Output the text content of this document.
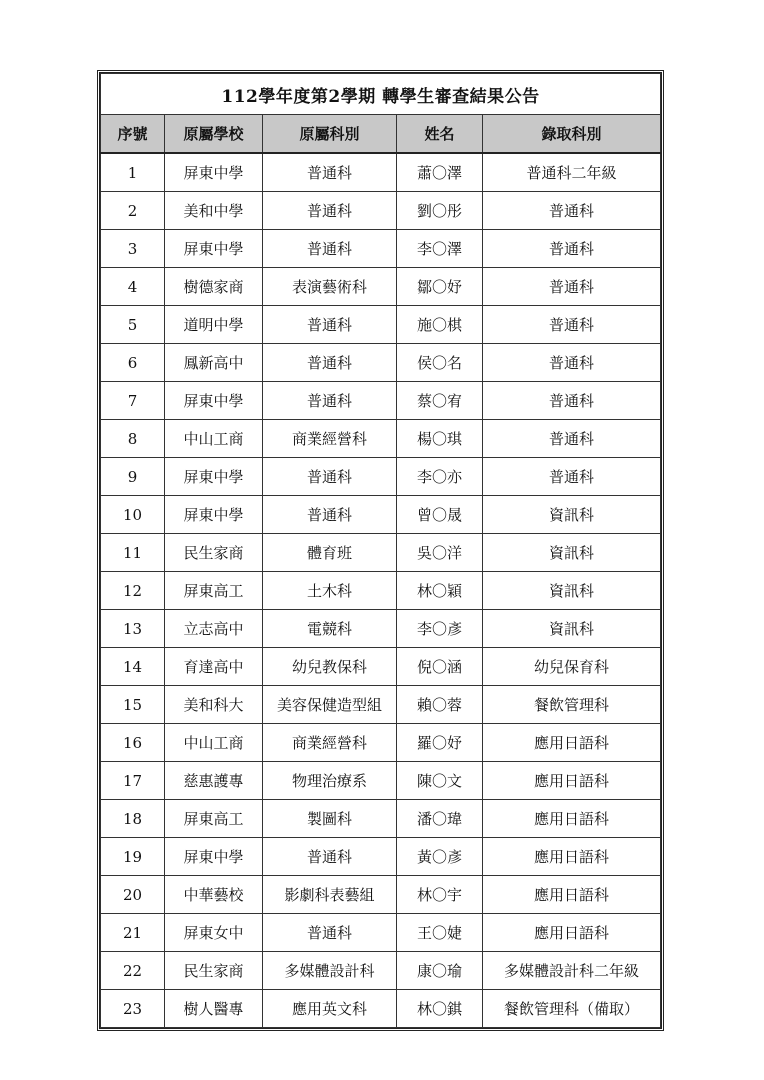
112學年度第2學期 轉學生審查結果公告				
序號	原屬學校	原屬科別	姓名	錄取科別
1	屏東中學	普通科	蕭〇澤	普通科二年級
2	美和中學	普通科	劉〇彤	普通科
3	屏東中學	普通科	李〇澤	普通科
4	樹德家商	表演藝術科	鄒〇妤	普通科
5	道明中學	普通科	施〇棋	普通科
6	鳳新高中	普通科	侯〇名	普通科
7	屏東中學	普通科	蔡〇宥	普通科
8	中山工商	商業經營科	楊〇琪	普通科
9	屏東中學	普通科	李〇亦	普通科
10	屏東中學	普通科	曾〇晟	資訊科
11	民生家商	體育班	吳〇洋	資訊科
12	屏東高工	土木科	林〇穎	資訊科
13	立志高中	電競科	李〇彥	資訊科
14	育達高中	幼兒教保科	倪〇涵	幼兒保育科
15	美和科大	美容保健造型組	賴〇蓉	餐飲管理科
16	中山工商	商業經營科	羅〇妤	應用日語科
17	慈惠護專	物理治療系	陳〇文	應用日語科
18	屏東高工	製圖科	潘〇瑋	應用日語科
19	屏東中學	普通科	黃〇彥	應用日語科
20	中華藝校	影劇科表藝組	林〇宇	應用日語科
21	屏東女中	普通科	王〇婕	應用日語科
22	民生家商	多媒體設計科	康〇瑜	多媒體設計科二年級
23	樹人醫專	應用英文科	林〇錤	餐飲管理科（備取）
